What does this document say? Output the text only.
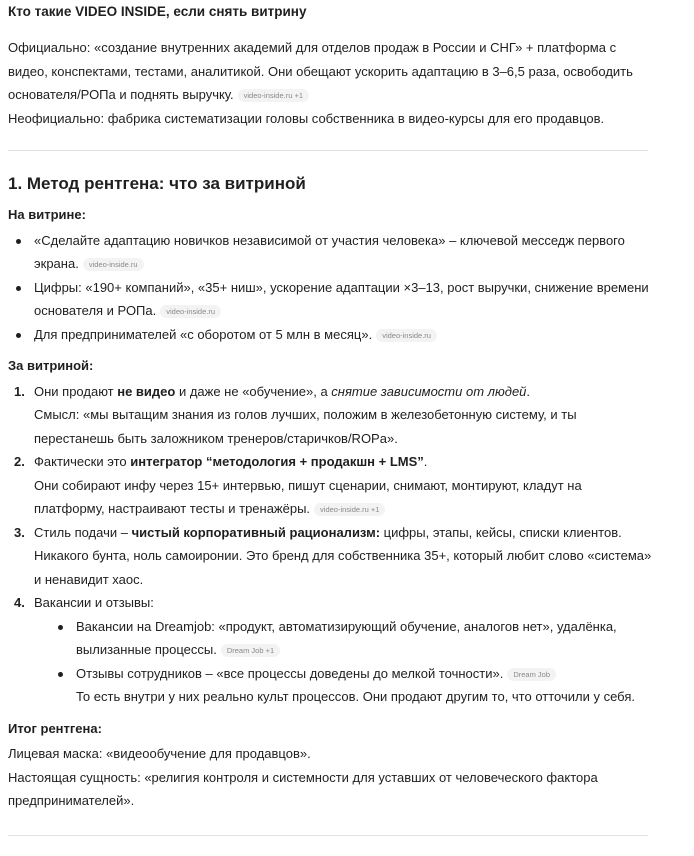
Кто такие VIDEO INSIDE, если снять витрину

Официально: «создание внутренних академий для отделов продаж в России и СНГ» + платформа с видео, конспектами, тестами, аналитикой. Они обещают ускорить адаптацию в 3–6,5 раза, освободить основателя/РОПа и поднять выручку. video-inside.ru +1

Неофициально: фабрика систематизации головы собственника в видео-курсы для его продавцов.

1. Метод рентгена: что за витриной

На витрине:

«Сделайте адаптацию новичков независимой от участия человека» – ключевой месседж первого экрана. video-inside.ru
Цифры: «190+ компаний», «35+ ниш», ускорение адаптации ×3–13, рост выручки, снижение времени основателя и РОПа. video-inside.ru
Для предпринимателей «с оборотом от 5 млн в месяц». video-inside.ru

За витриной:

1. Они продают не видео и даже не «обучение», а снятие зависимости от людей.
Смысл: «мы вытащим знания из голов лучших, положим в железобетонную систему, и ты перестанешь быть заложником тренеров/старичков/ROPa».
2. Фактически это интегратор “методология + продакшн + LMS”.
Они собирают инфу через 15+ интервью, пишут сценарии, снимают, монтируют, кладут на платформу, настраивают тесты и тренажёры. video-inside.ru +1
3. Стиль подачи – чистый корпоративный рационализм: цифры, этапы, кейсы, списки клиентов. Никакого бунта, ноль самоиронии. Это бренд для собственника 35+, который любит слово «система» и ненавидит хаос.
4. Вакансии и отзывы:
Вакансии на Dreamjob: «продукт, автоматизирующий обучение, аналогов нет», удалёнка, вылизанные процессы. Dream Job +1
Отзывы сотрудников – «все процессы доведены до мелкой точности». Dream Job
То есть внутри у них реально культ процессов. Они продают другим то, что отточили у себя.

Итог рентгена:

Лицевая маска: «видеообучение для продавцов».

Настоящая сущность: «религия контроля и системности для уставших от человеческого фактора предпринимателей».
